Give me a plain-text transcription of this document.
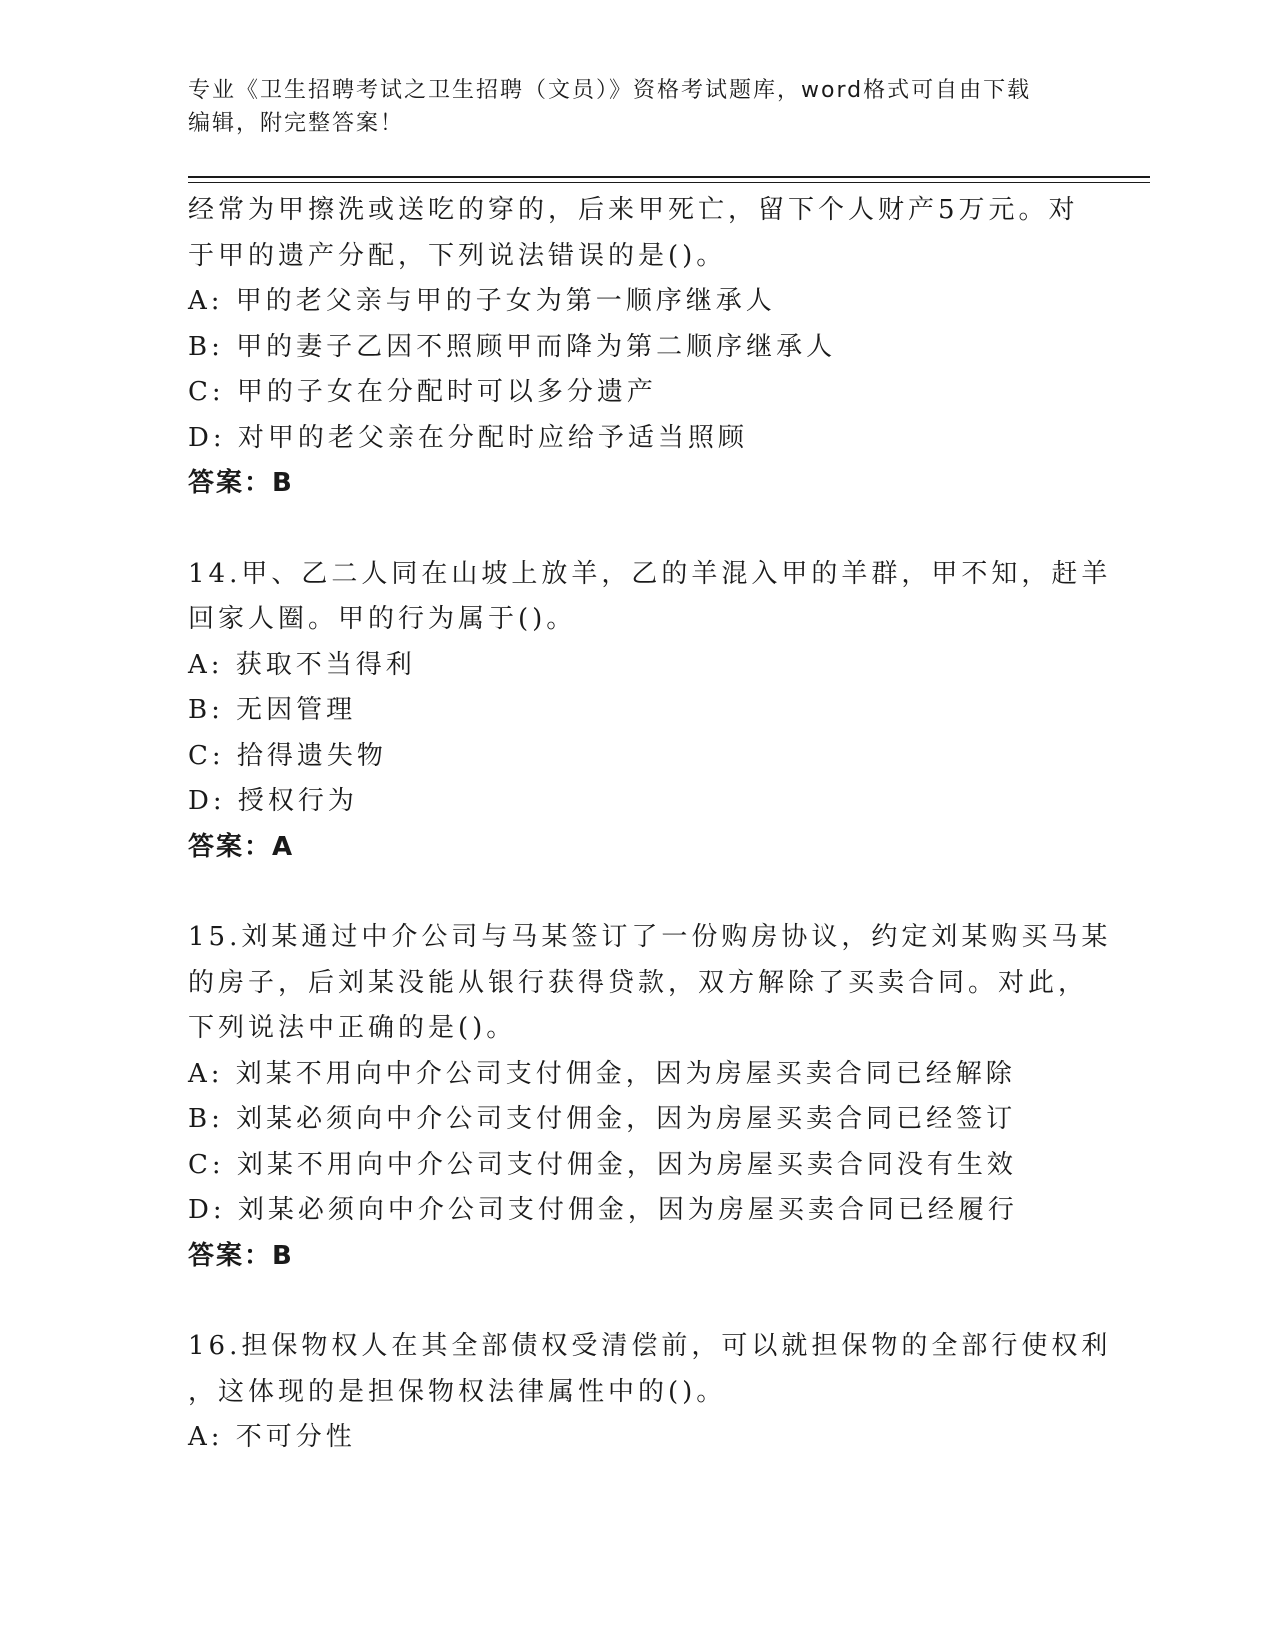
专业《卫生招聘考试之卫生招聘（文员）》资格考试题库，word格式可自由下载
编辑，附完整答案！
经常为甲擦洗或送吃的穿的，后来甲死亡，留下个人财产5万元。对
于甲的遗产分配，下列说法错误的是()。
A: 甲的老父亲与甲的子女为第一顺序继承人
B: 甲的妻子乙因不照顾甲而降为第二顺序继承人
C: 甲的子女在分配时可以多分遗产
D: 对甲的老父亲在分配时应给予适当照顾
答案：B
14.甲、乙二人同在山坡上放羊，乙的羊混入甲的羊群，甲不知，赶羊
回家人圈。甲的行为属于()。
A: 获取不当得利
B: 无因管理
C: 拾得遗失物
D: 授权行为
答案：A
15.刘某通过中介公司与马某签订了一份购房协议，约定刘某购买马某
的房子，后刘某没能从银行获得贷款，双方解除了买卖合同。对此，
下列说法中正确的是()。
A: 刘某不用向中介公司支付佣金，因为房屋买卖合同已经解除
B: 刘某必须向中介公司支付佣金，因为房屋买卖合同已经签订
C: 刘某不用向中介公司支付佣金，因为房屋买卖合同没有生效
D: 刘某必须向中介公司支付佣金，因为房屋买卖合同已经履行
答案：B
16.担保物权人在其全部债权受清偿前，可以就担保物的全部行使权利
，这体现的是担保物权法律属性中的()。
A: 不可分性
